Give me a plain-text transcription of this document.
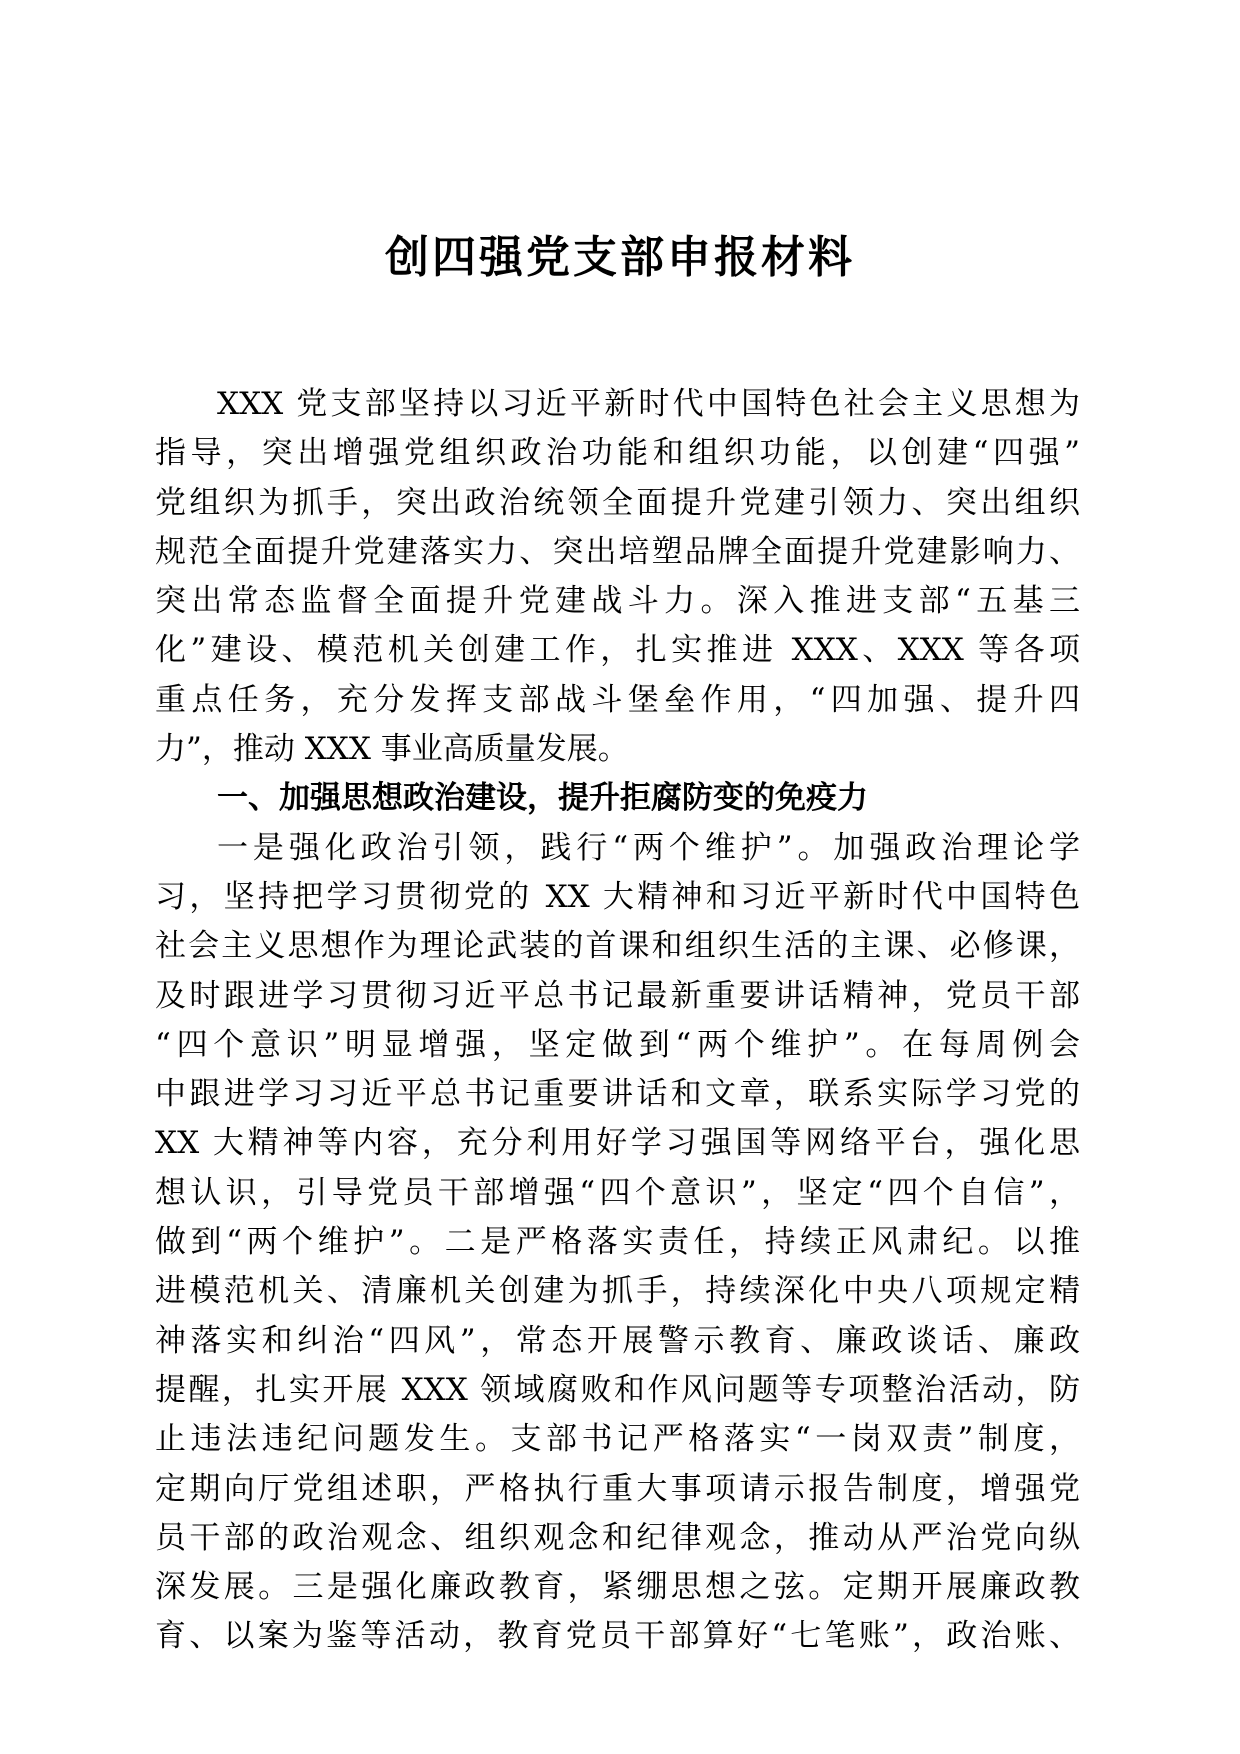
创四强党支部申报材料
XXX 党支部坚持以习近平新时代中国特色社会主义思想为
指导，突出增强党组织政治功能和组织功能，以创建“四强”
党组织为抓手，突出政治统领全面提升党建引领力、突出组织
规范全面提升党建落实力、突出培塑品牌全面提升党建影响力、
突出常态监督全面提升党建战斗力。深入推进支部“五基三
化”建设、模范机关创建工作，扎实推进 XXX、XXX 等各项
重点任务，充分发挥支部战斗堡垒作用，“四加强、提升四
力”，推动 XXX 事业高质量发展。
一、加强思想政治建设，提升拒腐防变的免疫力
一是强化政治引领，践行“两个维护”。加强政治理论学
习，坚持把学习贯彻党的 XX 大精神和习近平新时代中国特色
社会主义思想作为理论武装的首课和组织生活的主课、必修课，
及时跟进学习贯彻习近平总书记最新重要讲话精神，党员干部
“四个意识”明显增强，坚定做到“两个维护”。在每周例会
中跟进学习习近平总书记重要讲话和文章，联系实际学习党的
XX 大精神等内容，充分利用好学习强国等网络平台，强化思
想认识，引导党员干部增强“四个意识”，坚定“四个自信”，
做到“两个维护”。二是严格落实责任，持续正风肃纪。以推
进模范机关、清廉机关创建为抓手，持续深化中央八项规定精
神落实和纠治“四风”，常态开展警示教育、廉政谈话、廉政
提醒，扎实开展 XXX 领域腐败和作风问题等专项整治活动，防
止违法违纪问题发生。支部书记严格落实“一岗双责”制度，
定期向厅党组述职，严格执行重大事项请示报告制度，增强党
员干部的政治观念、组织观念和纪律观念，推动从严治党向纵
深发展。三是强化廉政教育，紧绷思想之弦。定期开展廉政教
育、以案为鉴等活动，教育党员干部算好“七笔账”，政治账、
